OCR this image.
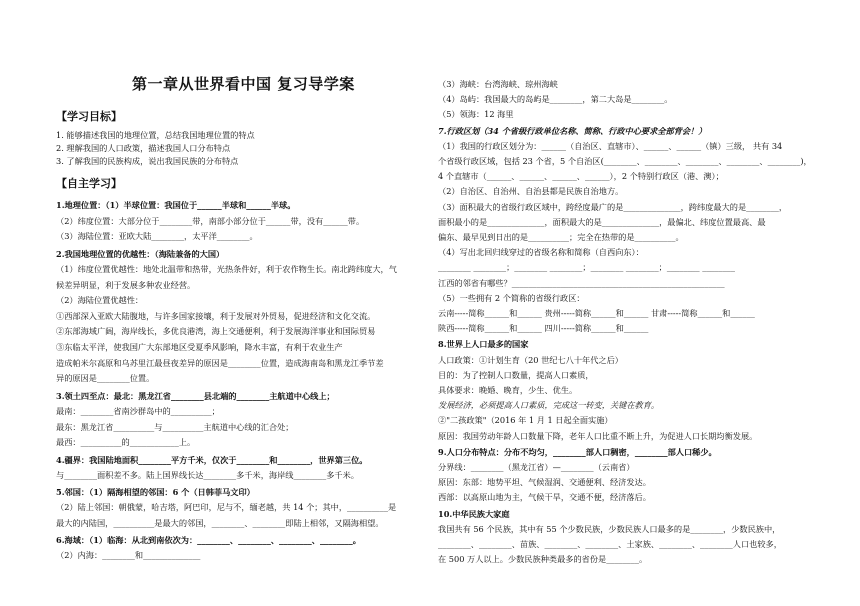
第一章从世界看中国 复习导学案
【学习目标】
1. 能够描述我国的地理位置，总结我国地理位置的特点
2. 理解我国的人口政策，描述我国人口分布特点
3. 了解我国的民族构成，说出我国民族的分布特点
【自主学习】
1.地理位置：（1）半球位置：我国位于______半球和______半球。
（2）纬度位置：大部分位于________带，南部小部分位于______带，没有______带。
（3）海陆位置：亚欧大陆________，太平洋________。
2.我国地理位置的优越性：（海陆兼备的大国）
（1）纬度位置优越性：地处北温带和热带，光热条件好，利于农作物生长。南北跨纬度大，气
候差异明显，利于发展多种农业经营。
（2）海陆位置优越性：
①西部深入亚欧大陆腹地，与许多国家接壤，利于发展对外贸易，促进经济和文化交流。
②东部海域广阔，海岸线长，多优良港湾，海上交通便利，利于发展海洋事业和国际贸易
③东临太平洋，使我国广大东部地区受夏季风影响，降水丰富，有利于农业生产
造成帕米尔高原和乌苏里江最昼夜差异的原因是________位置，造成海南岛和黑龙江季节差
异的原因是________位置。
3.领土四至点：最北：黑龙江省________县北端的________主航道中心线上；
最南：________省南沙群岛中的__________；
最东：黑龙江省__________与__________主航道中心线的汇合处；
最西：__________的____________上。
4.疆界：我国陆地面积________平方千米，仅次于________和________，世界第三位。
与________面积差不多。陆上国界线长达________多千米，海岸线________多千米。
5.邻国：（1）隔海相望的邻国：6 个（日韩菲马文印）
（2）陆上邻国：朝俄蒙，哈吉塔，阿巴印，尼与不，缅老越，共 14 个；其中，__________是
最大的内陆国，__________是最大的邻国，________、________即陆上相邻，又隔海相望。
6.海域：（1）临海：从北到南依次为：________、________、________、________。
（2）内海：________和______________
（3）海峡：台湾海峡、琼州海峡
（4）岛屿：我国最大的岛屿是________，第二大岛是________。
（5）领海：12 海里
7.行政区划（34 个省级行政单位名称、简称、行政中心要求全部背会！）
（1）我国的行政区划分为：______（自治区、直辖市）、______、______（镇）三级， 共有 34
个省级行政区域，包括 23 个省，5 个自治区(________、________、________、________、________)，
4 个直辖市（______、______、______、______），2 个特别行政区（港、澳）；
（2）自治区、自治州、自治县都是民族自治地方。
（3）面积最大的省级行政区域中，跨经度最广的是______________，跨纬度最大的是________，
面积最小的是______________，面积最大的是______________，最偏北、纬度位置最高、最
偏东、最早见到日出的是__________；完全在热带的是__________。
（4）写出北回归线穿过的省级名称和简称（自西向东）：
________ ________；________ ________；________ ________；________ ________
江西的邻省有哪些？____________________________________________________
（5）一些拥有 2 个简称的省级行政区：
云南-----简称______和______ 贵州-----简称______和______ 甘肃-----简称______和______
陕西-----简称______和______ 四川-----简称______和______
8.世界上人口最多的国家
人口政策：①计划生育（20 世纪七八十年代之后）
目的：为了控制人口数量，提高人口素质，
具体要求：晚婚、晚育，少生、优生。
发展经济，必须提高人口素质，完成这一转变，关键在教育。
②"二孩政策"（2016 年 1 月 1 日起全面实施）
原因：我国劳动年龄人口数量下降，老年人口比重不断上升，为促进人口长期均衡发展。
9.人口分布特点：分布不均匀，________部人口稠密，________部人口稀少。
分界线：________（黑龙江省）—________（云南省）
原因：东部：地势平坦、气候湿润、交通便利、经济发达。
西部：以高原山地为主，气候干旱，交通不便，经济落后。
10.中华民族大家庭
我国共有 56 个民族，其中有 55 个少数民族，少数民族人口最多的是________，少数民族中，
________、________、苗族、________、________、土家族、________、________人口也较多，
在 500 万人以上。少数民族种类最多的省份是________。
